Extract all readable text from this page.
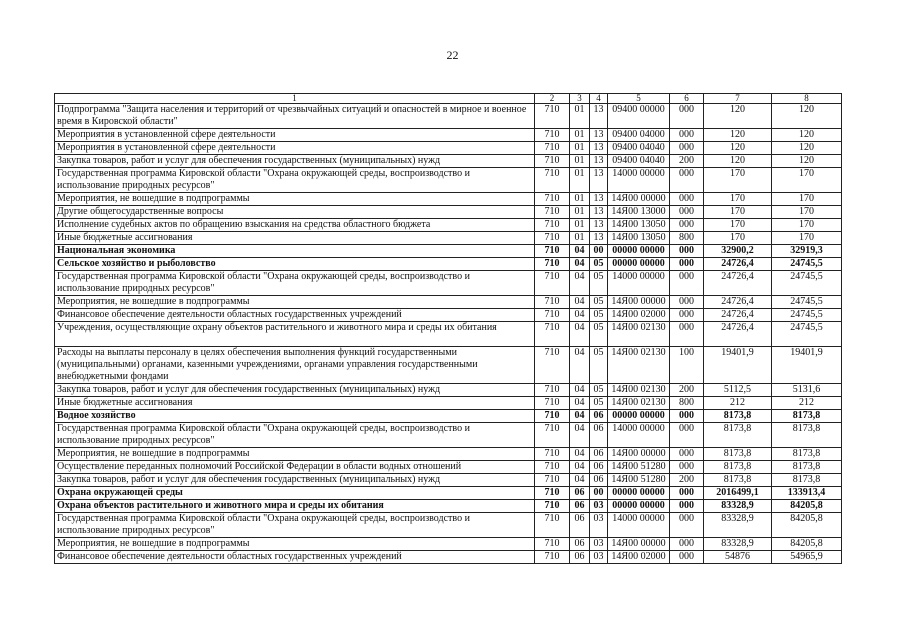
22
1	2	3	4	5	6	7	8
Подпрограмма "Защита населения и территорий от чрезвычайных ситуаций и опасностей в мирное и военное время в Кировской области"	710	01	13	09400 00000	000	120	120
Мероприятия в установленной сфере деятельности	710	01	13	09400 04000	000	120	120
Мероприятия в установленной сфере деятельности	710	01	13	09400 04040	000	120	120
Закупка товаров, работ и услуг для обеспечения государственных (муниципальных) нужд	710	01	13	09400 04040	200	120	120
Государственная программа Кировской области "Охрана окружающей среды, воспроизводство и использование природных ресурсов"	710	01	13	14000 00000	000	170	170
Мероприятия, не вошедшие в подпрограммы	710	01	13	14Я00 00000	000	170	170
Другие общегосударственные вопросы	710	01	13	14Я00 13000	000	170	170
Исполнение судебных актов по обращению взыскания на средства областного бюджета	710	01	13	14Я00 13050	000	170	170
Иные бюджетные ассигнования	710	01	13	14Я00 13050	800	170	170
Национальная экономика	710	04	00	00000 00000	000	32900,2	32919,3
Сельское хозяйство и рыболовство	710	04	05	00000 00000	000	24726,4	24745,5
Государственная программа Кировской области "Охрана окружающей среды, воспроизводство и использование природных ресурсов"	710	04	05	14000 00000	000	24726,4	24745,5
Мероприятия, не вошедшие в подпрограммы	710	04	05	14Я00 00000	000	24726,4	24745,5
Финансовое обеспечение деятельности областных государственных учреждений	710	04	05	14Я00 02000	000	24726,4	24745,5
Учреждения, осуществляющие охрану объектов растительного и животного мира и среды их обитания	710	04	05	14Я00 02130	000	24726,4	24745,5
Расходы на выплаты персоналу в целях обеспечения выполнения функций государственными (муниципальными) органами, казенными учреждениями, органами управления государственными внебюджетными фондами	710	04	05	14Я00 02130	100	19401,9	19401,9
Закупка товаров, работ и услуг для обеспечения государственных (муниципальных) нужд	710	04	05	14Я00 02130	200	5112,5	5131,6
Иные бюджетные ассигнования	710	04	05	14Я00 02130	800	212	212
Водное хозяйство	710	04	06	00000 00000	000	8173,8	8173,8
Государственная программа Кировской области "Охрана окружающей среды, воспроизводство и использование природных ресурсов"	710	04	06	14000 00000	000	8173,8	8173,8
Мероприятия, не вошедшие в подпрограммы	710	04	06	14Я00 00000	000	8173,8	8173,8
Осуществление переданных полномочий Российской Федерации в области водных отношений	710	04	06	14Я00 51280	000	8173,8	8173,8
Закупка товаров, работ и услуг для обеспечения государственных (муниципальных) нужд	710	04	06	14Я00 51280	200	8173,8	8173,8
Охрана окружающей среды	710	06	00	00000 00000	000	2016499,1	133913,4
Охрана объектов растительного и животного мира и среды их обитания	710	06	03	00000 00000	000	83328,9	84205,8
Государственная программа Кировской области "Охрана окружающей среды, воспроизводство и использование природных ресурсов"	710	06	03	14000 00000	000	83328,9	84205,8
Мероприятия, не вошедшие в подпрограммы	710	06	03	14Я00 00000	000	83328,9	84205,8
Финансовое обеспечение деятельности областных государственных учреждений	710	06	03	14Я00 02000	000	54876	54965,9
